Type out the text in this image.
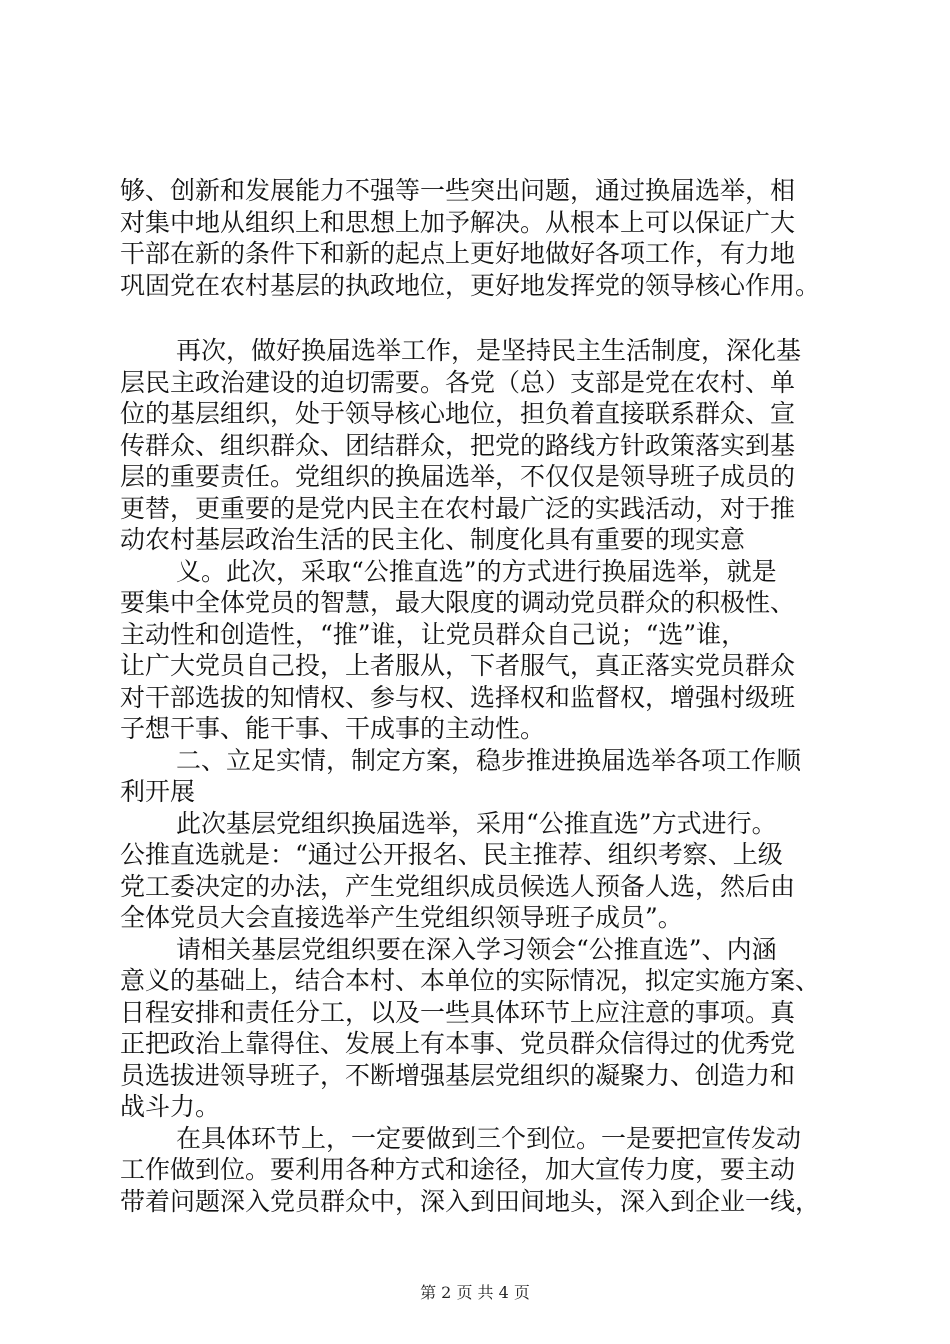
够、创新和发展能力不强等一些突出问题，通过换届选举，相
对集中地从组织上和思想上加予解决。从根本上可以保证广大
干部在新的条件下和新的起点上更好地做好各项工作，有力地
巩固党在农村基层的执政地位，更好地发挥党的领导核心作用。
再次，做好换届选举工作，是坚持民主生活制度，深化基
层民主政治建设的迫切需要。各党（总）支部是党在农村、单
位的基层组织，处于领导核心地位，担负着直接联系群众、宣
传群众、组织群众、团结群众，把党的路线方针政策落实到基
层的重要责任。党组织的换届选举，不仅仅是领导班子成员的
更替，更重要的是党内民主在农村最广泛的实践活动，对于推
动农村基层政治生活的民主化、制度化具有重要的现实意
义。此次，采取“公推直选”的方式进行换届选举，就是
要集中全体党员的智慧，最大限度的调动党员群众的积极性、
主动性和创造性，“推”谁，让党员群众自己说；“选”谁，
让广大党员自己投，上者服从，下者服气，真正落实党员群众
对干部选拔的知情权、参与权、选择权和监督权，增强村级班
子想干事、能干事、干成事的主动性。
二、立足实情，制定方案，稳步推进换届选举各项工作顺
利开展
此次基层党组织换届选举，采用“公推直选”方式进行。
公推直选就是：“通过公开报名、民主推荐、组织考察、上级
党工委决定的办法，产生党组织成员候选人预备人选，然后由
全体党员大会直接选举产生党组织领导班子成员”。
请相关基层党组织要在深入学习领会“公推直选”、内涵
意义的基础上，结合本村、本单位的实际情况，拟定实施方案、
日程安排和责任分工，以及一些具体环节上应注意的事项。真
正把政治上靠得住、发展上有本事、党员群众信得过的优秀党
员选拔进领导班子，不断增强基层党组织的凝聚力、创造力和
战斗力。
在具体环节上，一定要做到三个到位。一是要把宣传发动
工作做到位。要利用各种方式和途径，加大宣传力度，要主动
带着问题深入党员群众中，深入到田间地头，深入到企业一线，
第 2 页 共 4 页
